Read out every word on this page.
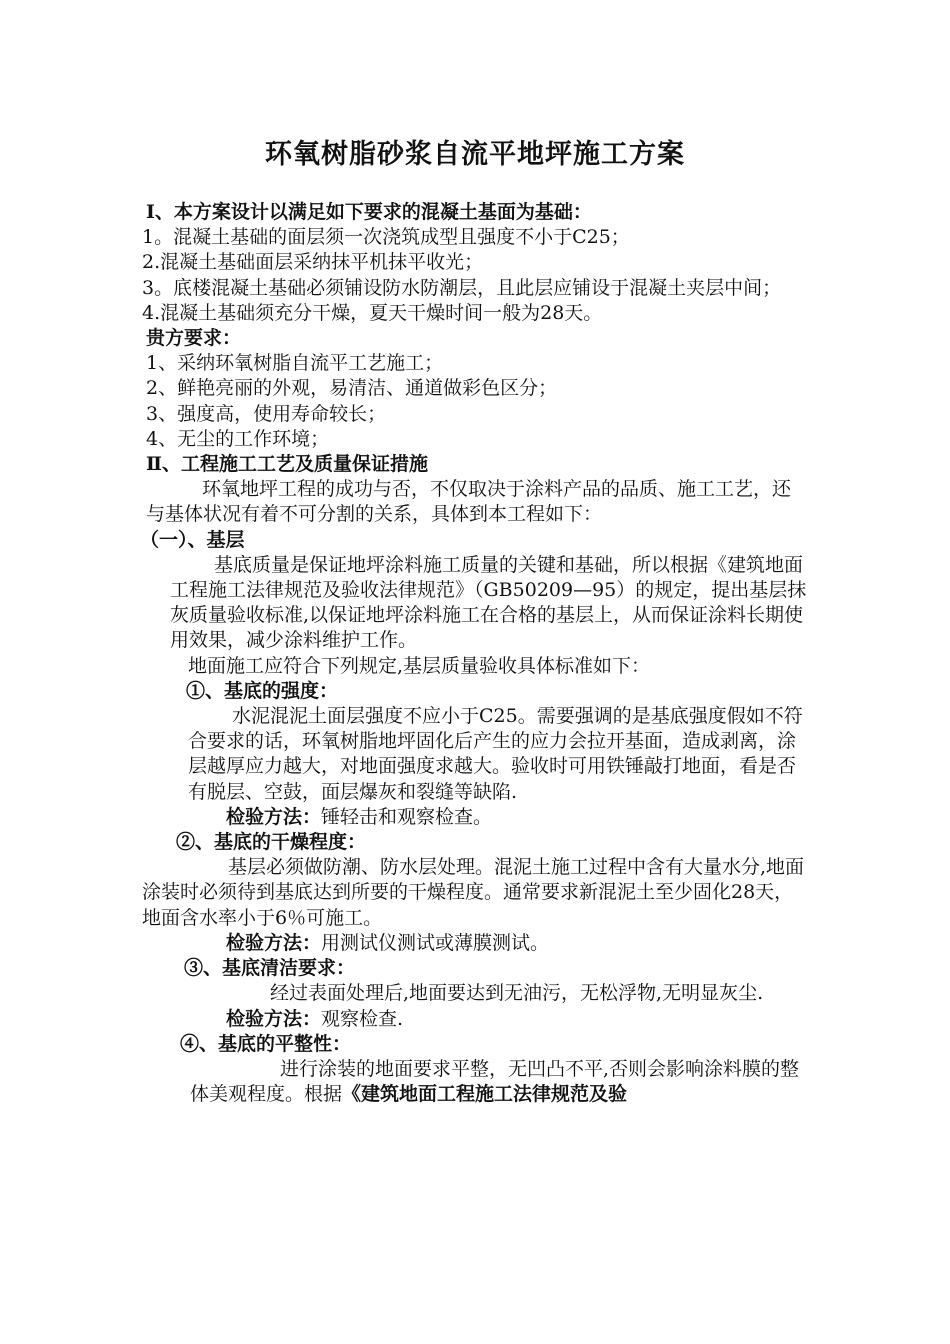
环氧树脂砂浆自流平地坪施工方案

Ⅰ、本方案设计以满足如下要求的混凝土基面为基础：

1。混凝土基础的面层须一次浇筑成型且强度不小于C25；

2.混凝土基础面层采纳抹平机抹平收光；

3。底楼混凝土基础必须铺设防水防潮层，且此层应铺设于混凝土夹层中间；

4.混凝土基础须充分干燥，夏天干燥时间一般为28天。

贵方要求：

1、采纳环氧树脂自流平工艺施工；

2、鲜艳亮丽的外观，易清洁、通道做彩色区分；

3、强度高，使用寿命较长；

4、无尘的工作环境；

Ⅱ、工程施工工艺及质量保证措施

环氧地坪工程的成功与否，不仅取决于涂料产品的品质、施工工艺，还与基体状况有着不可分割的关系，具体到本工程如下：

（一）、基层

基底质量是保证地坪涂料施工质量的关键和基础，所以根据《建筑地面工程施工法律规范及验收法律规范》（GB50209—95）的规定，提出基层抹灰质量验收标准,以保证地坪涂料施工在合格的基层上，从而保证涂料长期使用效果，减少涂料维护工作。

地面施工应符合下列规定,基层质量验收具体标准如下：

①、基底的强度：

水泥混泥土面层强度不应小于C25。需要强调的是基底强度假如不符合要求的话，环氧树脂地坪固化后产生的应力会拉开基面，造成剥离，涂层越厚应力越大，对地面强度求越大。验收时可用铁锤敲打地面，看是否有脱层、空鼓，面层爆灰和裂缝等缺陷.

检验方法：锤轻击和观察检查。

②、基底的干燥程度：

基层必须做防潮、防水层处理。混泥土施工过程中含有大量水分,地面涂装时必须待到基底达到所要的干燥程度。通常要求新混泥土至少固化28天，地面含水率小于6％可施工。

检验方法：用测试仪测试或薄膜测试。

③、基底清洁要求：

经过表面处理后,地面要达到无油污，无松浮物,无明显灰尘.

检验方法：观察检查.

④、基底的平整性：

进行涂装的地面要求平整，无凹凸不平,否则会影响涂料膜的整体美观程度。根据《建筑地面工程施工法律规范及验
